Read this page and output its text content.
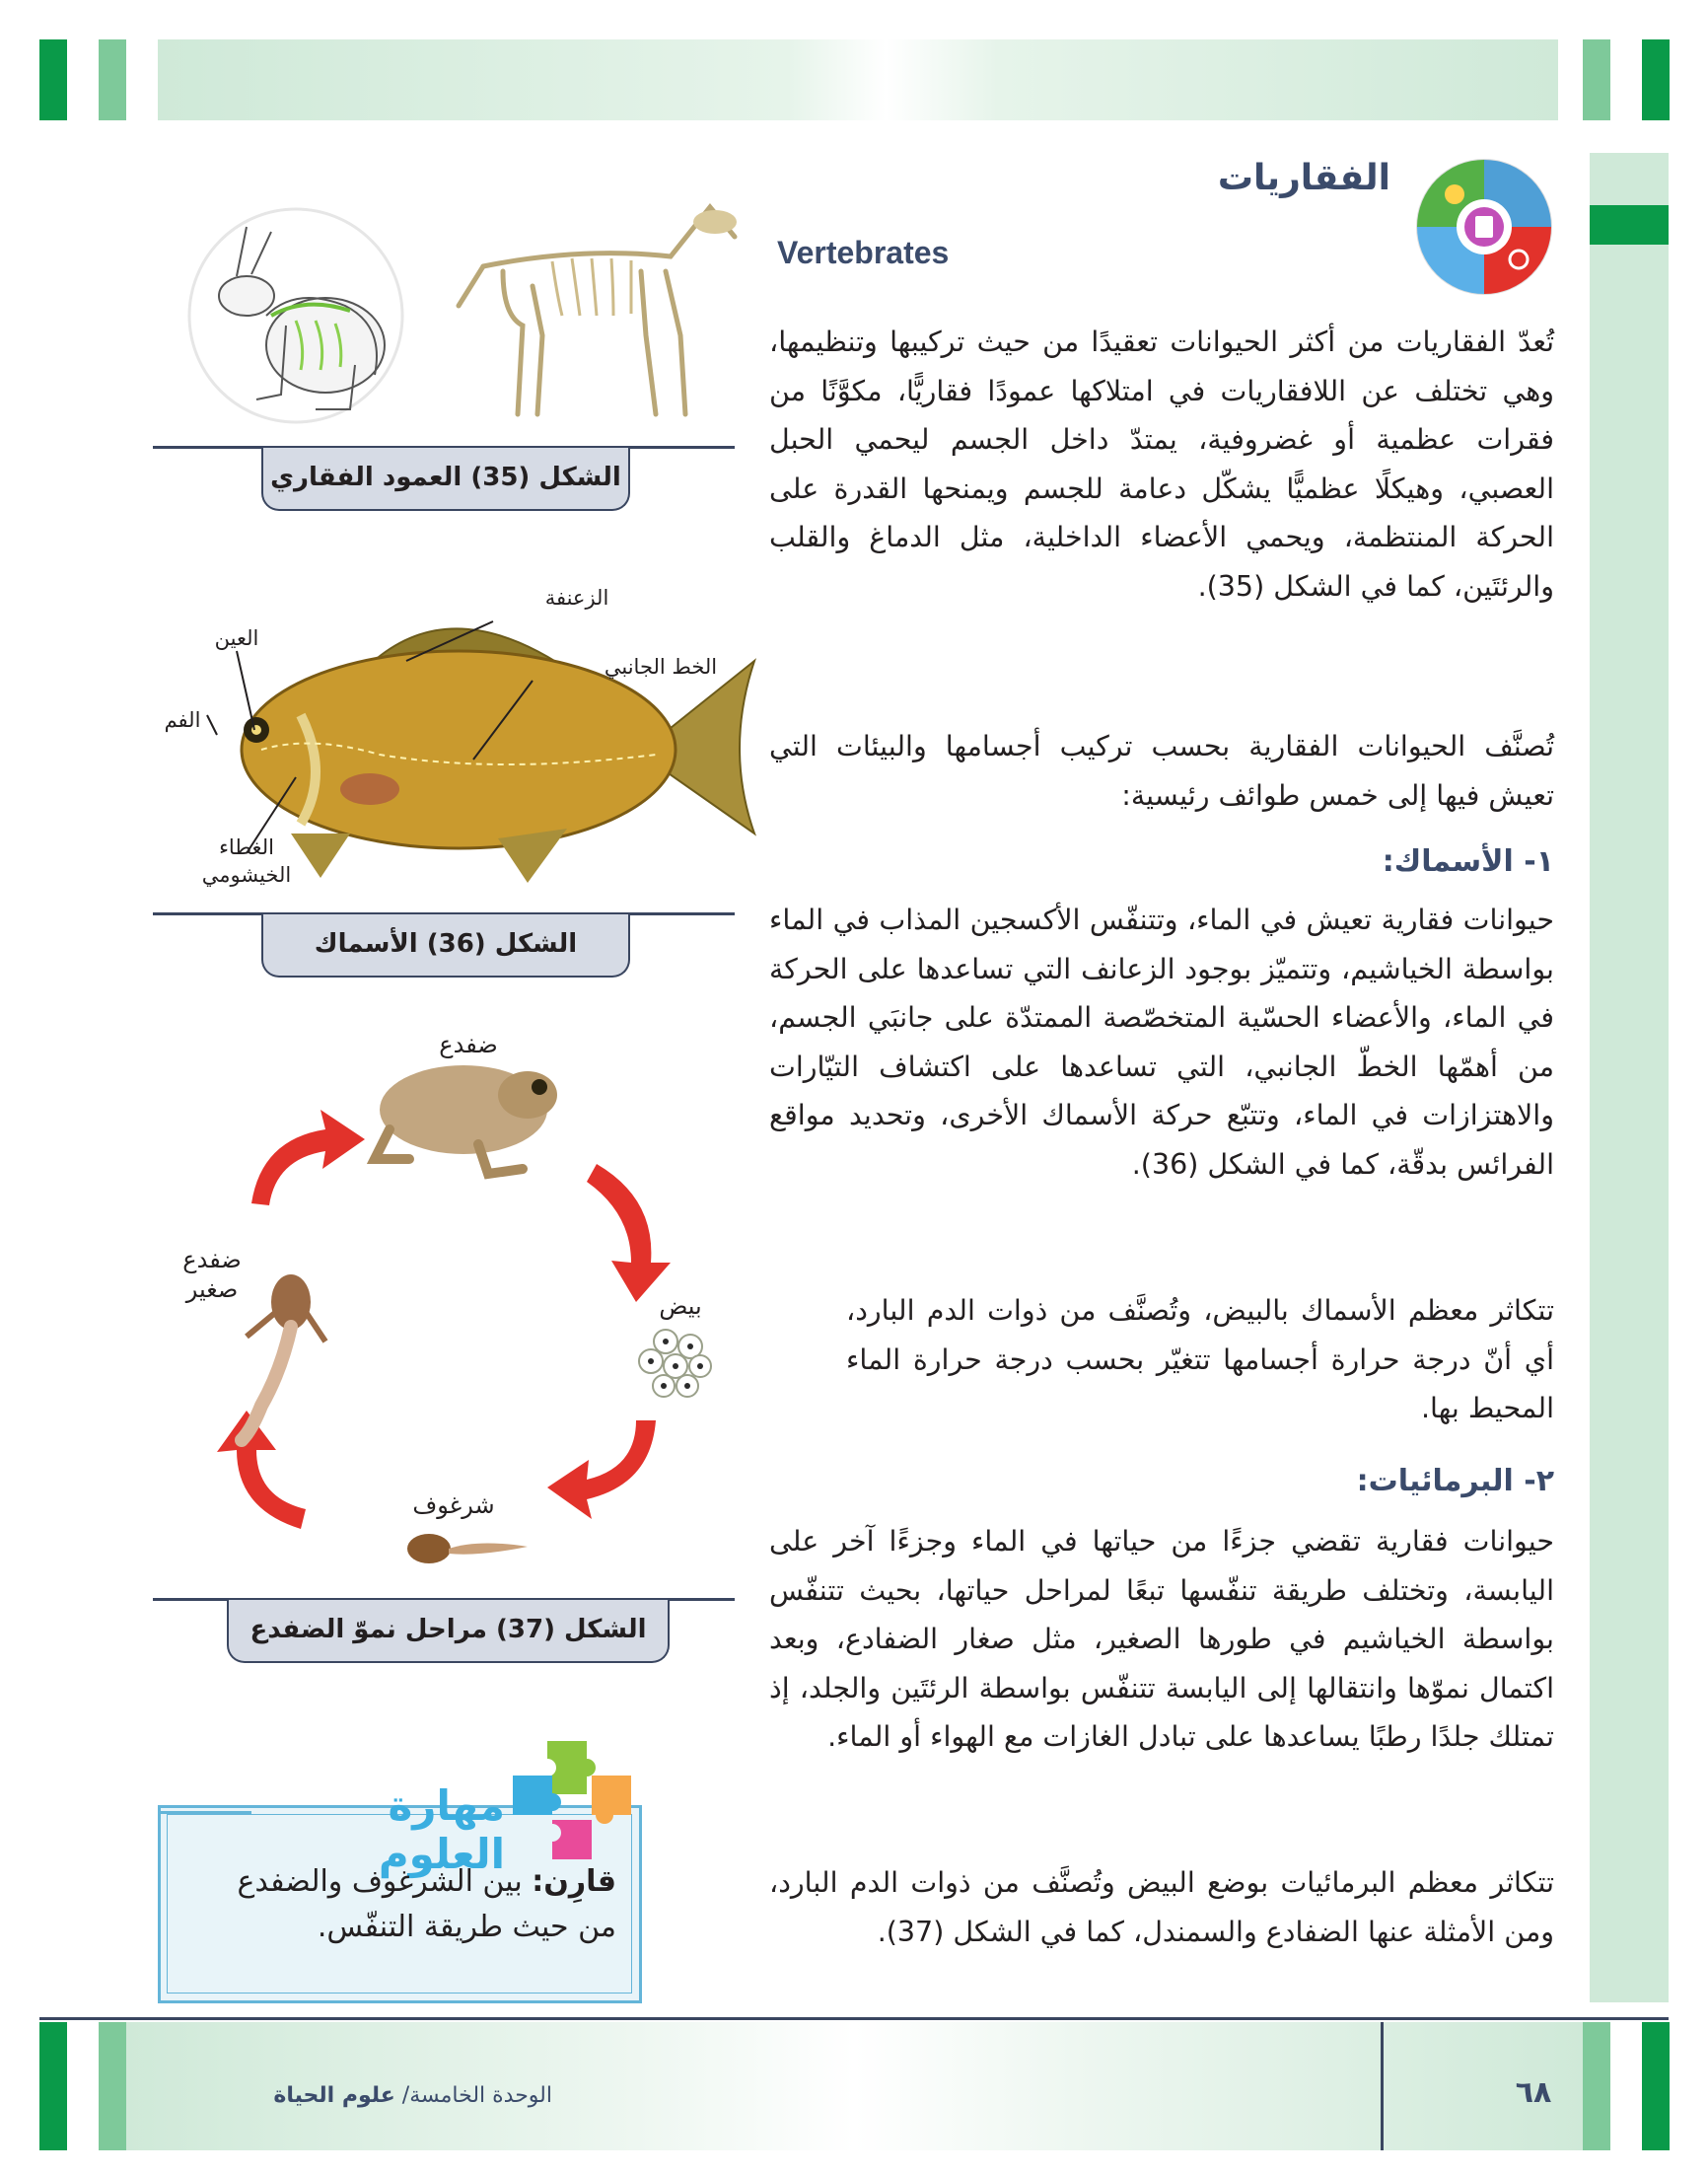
الفقاريات
Vertebrates
تُعدّ الفقاريات من أكثر الحيوانات تعقيدًا من حيث تركيبها وتنظيمها، وهي تختلف عن اللافقاريات في امتلاكها عمودًا فقاريًّا، مكوَّنًا من فقرات عظمية أو غضروفية، يمتدّ داخل الجسم ليحمي الحبل العصبي، وهيكلًا عظميًّا يشكّل دعامة للجسم ويمنحها القدرة على الحركة المنتظمة، ويحمي الأعضاء الداخلية، مثل الدماغ والقلب والرئتَين، كما في الشكل (35).
تُصنَّف الحيوانات الفقارية بحسب تركيب أجسامها والبيئات التي تعيش فيها إلى خمس طوائف رئيسية:
١- الأسماك:
حيوانات فقارية تعيش في الماء، وتتنفّس الأكسجين المذاب في الماء بواسطة الخياشيم، وتتميّز بوجود الزعانف التي تساعدها على الحركة في الماء، والأعضاء الحسّية المتخصّصة الممتدّة على جانبَي الجسم، من أهمّها الخطّ الجانبي، التي تساعدها على اكتشاف التيّارات والاهتزازات في الماء، وتتبّع حركة الأسماك الأخرى، وتحديد مواقع الفرائس بدقّة، كما في الشكل (36).
تتكاثر معظم الأسماك بالبيض، وتُصنَّف من ذوات الدم البارد، أي أنّ درجة حرارة أجسامها تتغيّر بحسب درجة حرارة الماء المحيط بها.
٢- البرمائيات:
حيوانات فقارية تقضي جزءًا من حياتها في الماء وجزءًا آخر على اليابسة، وتختلف طريقة تنفّسها تبعًا لمراحل حياتها، بحيث تتنفّس بواسطة الخياشيم في طورها الصغير، مثل صغار الضفادع، وبعد اكتمال نموّها وانتقالها إلى اليابسة تتنفّس بواسطة الرئتَين والجلد، إذ تمتلك جلدًا رطبًا يساعدها على تبادل الغازات مع الهواء أو الماء.
تتكاثر معظم البرمائيات بوضع البيض وتُصنَّف من ذوات الدم البارد، ومن الأمثلة عنها الضفادع والسمندل، كما في الشكل (37).
الشكل (35) العمود الفقاري
الزعنفة
العين
الخط الجانبي
الفم
الغطاء الخيشومي
الشكل (36) الأسماك
ضفدع
بيض
شرغوف
ضفدع صغير
الشكل (37) مراحل نموّ الضفدع
مهارة العلوم
قارِن: بين الشرغوف والضفدع من حيث طريقة التنفّس.
الوحدة الخامسة/ علوم الحياة	٦٨
